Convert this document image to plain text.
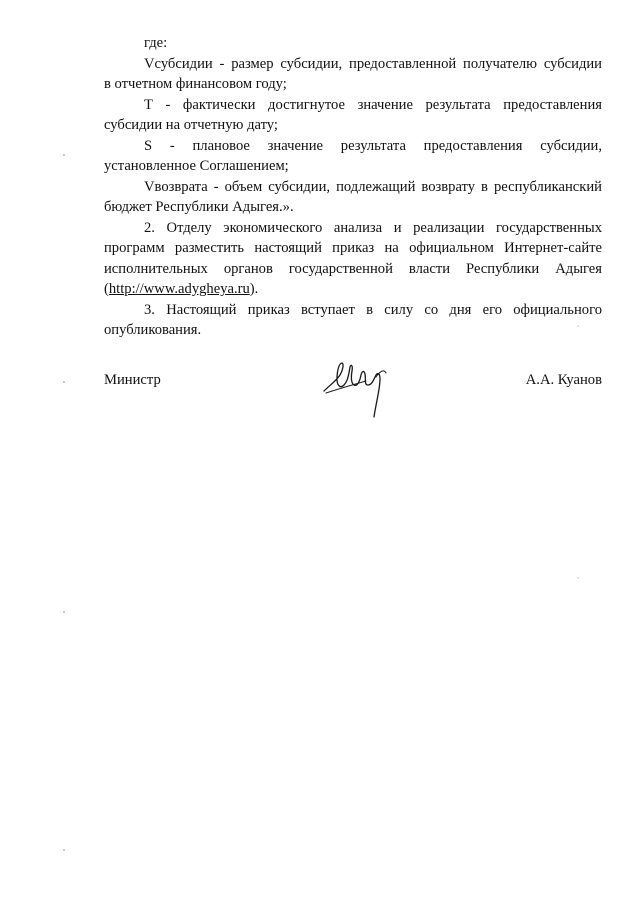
где:

Vсубсидии - размер субсидии, предоставленной получателю субсидии
в отчетном финансовом году;

Т - фактически достигнутое значение результата предоставления
субсидии на отчетную дату;

S - плановое значение результата предоставления субсидии,
установленное Соглашением;

Vвозврата - объем субсидии, подлежащий возврату в республиканский
бюджет Республики Адыгея.».

2. Отделу экономического анализа и реализации государственных
программ разместить настоящий приказ на официальном Интернет-сайте
исполнительных органов государственной власти Республики Адыгея
(http://www.adygheya.ru).

3. Настоящий приказ вступает в силу со дня его официального
опубликования.

Министр	А.А. Куанов
